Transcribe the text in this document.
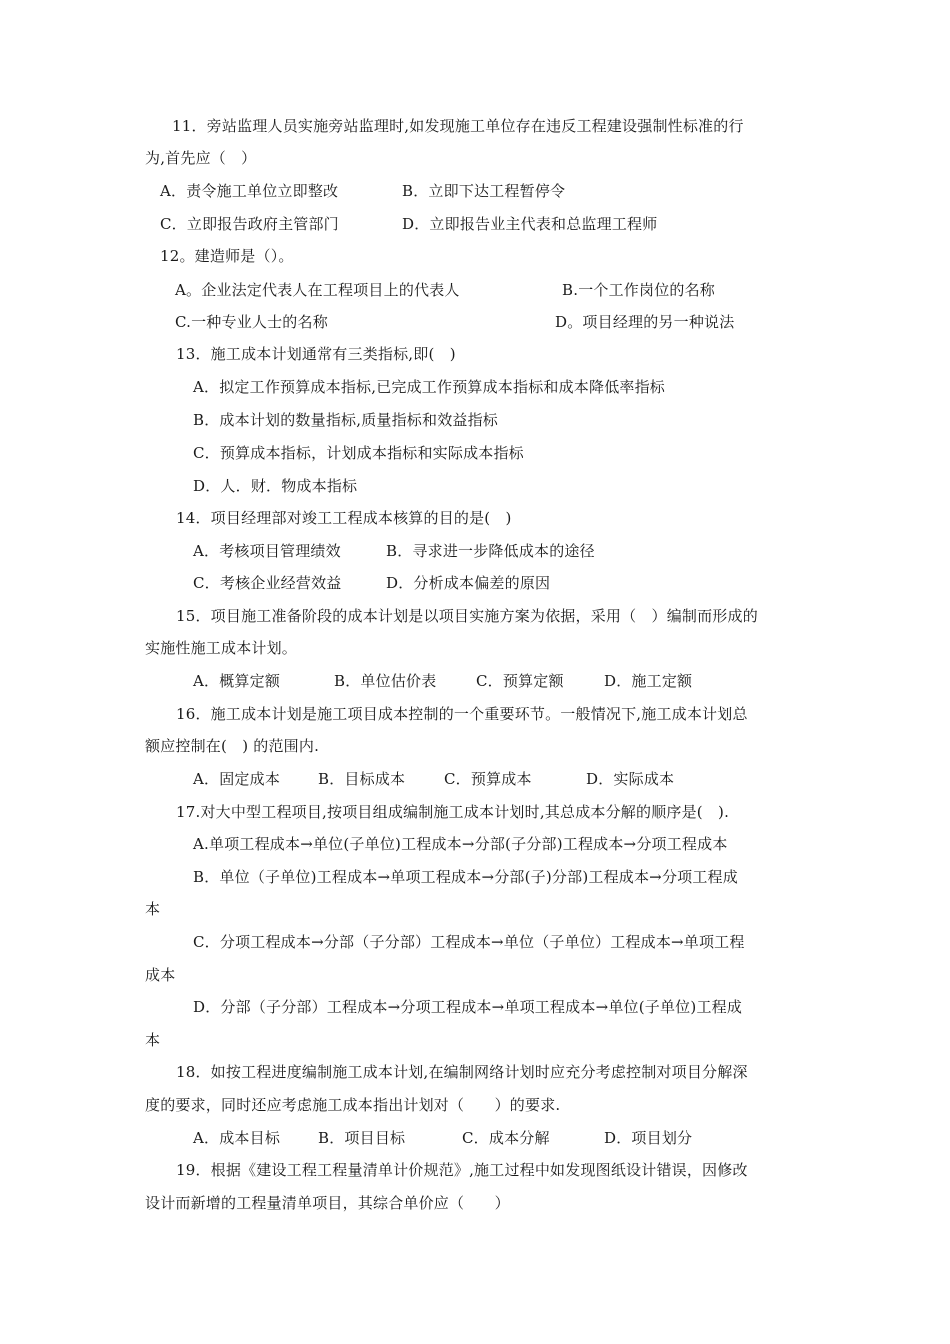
11．旁站监理人员实施旁站监理时,如发现施工单位存在违反工程建设强制性标准的行
为,首先应（　）
A．责令施工单位立即整改	B．立即下达工程暂停令
C．立即报告政府主管部门	D．立即报告业主代表和总监理工程师
12。建造师是（）。
A。企业法定代表人在工程项目上的代表人	B.一个工作岗位的名称
C.一种专业人士的名称	D。项目经理的另一种说法
13．施工成本计划通常有三类指标,即(　)
A．拟定工作预算成本指标,已完成工作预算成本指标和成本降低率指标
B．成本计划的数量指标,质量指标和效益指标
C．预算成本指标，计划成本指标和实际成本指标
D．人．财．物成本指标
14．项目经理部对竣工工程成本核算的目的是(　)
A．考核项目管理绩效	B．寻求进一步降低成本的途径
C．考核企业经营效益	D．分析成本偏差的原因
15．项目施工准备阶段的成本计划是以项目实施方案为依据，采用（　）编制而形成的
实施性施工成本计划。
A．概算定额	B．单位估价表	C．预算定额	D．施工定额
16．施工成本计划是施工项目成本控制的一个重要环节。一般情况下,施工成本计划总
额应控制在(　) 的范围内.
A．固定成本	B．目标成本	C．预算成本	D．实际成本
17.对大中型工程项目,按项目组成编制施工成本计划时,其总成本分解的顺序是(　).
A.单项工程成本→单位(子单位)工程成本→分部(子分部)工程成本→分项工程成本
B．单位（子单位)工程成本→单项工程成本→分部(子)分部)工程成本→分项工程成
本
C．分项工程成本→分部（子分部）工程成本→单位（子单位）工程成本→单项工程
成本
D．分部（子分部）工程成本→分项工程成本→单项工程成本→单位(子单位)工程成
本
18．如按工程进度编制施工成本计划,在编制网络计划时应充分考虑控制对项目分解深
度的要求，同时还应考虑施工成本指出计划对（　　）的要求.
A．成本目标	B．项目目标	C．成本分解	D．项目划分
19．根据《建设工程工程量清单计价规范》,施工过程中如发现图纸设计错误，因修改
设计而新增的工程量清单项目，其综合单价应（　　）
